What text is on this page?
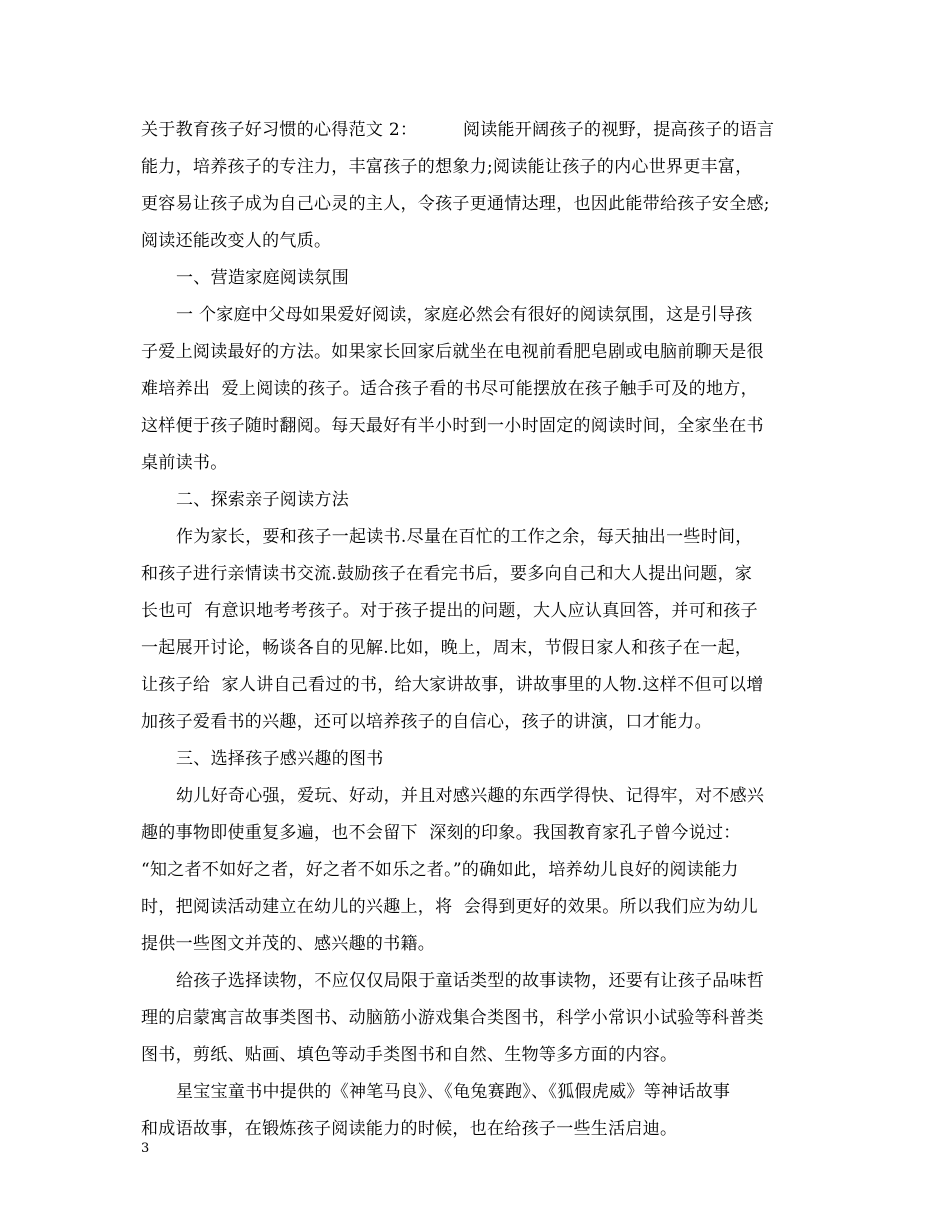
关于教育孩子好习惯的心得范文 2：        阅读能开阔孩子的视野，提高孩子的语言
能力，培养孩子的专注力，丰富孩子的想象力;阅读能让孩子的内心世界更丰富，
更容易让孩子成为自己心灵的主人，令孩子更通情达理，也因此能带给孩子安全感;
阅读还能改变人的气质。
一、营造家庭阅读氛围
一 个家庭中父母如果爱好阅读，家庭必然会有很好的阅读氛围，这是引导孩
子爱上阅读最好的方法。如果家长回家后就坐在电视前看肥皂剧或电脑前聊天是很
难培养出  爱上阅读的孩子。适合孩子看的书尽可能摆放在孩子触手可及的地方，
这样便于孩子随时翻阅。每天最好有半小时到一小时固定的阅读时间，全家坐在书
桌前读书。
二、探索亲子阅读方法
作为家长，要和孩子一起读书.尽量在百忙的工作之余，每天抽出一些时间，
和孩子进行亲情读书交流.鼓励孩子在看完书后，要多向自己和大人提出问题，家
长也可  有意识地考考孩子。对于孩子提出的问题，大人应认真回答，并可和孩子
一起展开讨论，畅谈各自的见解.比如，晚上，周末，节假日家人和孩子在一起，
让孩子给  家人讲自己看过的书，给大家讲故事，讲故事里的人物.这样不但可以增
加孩子爱看书的兴趣，还可以培养孩子的自信心，孩子的讲演，口才能力。
三、选择孩子感兴趣的图书
幼儿好奇心强，爱玩、好动，并且对感兴趣的东西学得快、记得牢，对不感兴
趣的事物即使重复多遍，也不会留下  深刻的印象。我国教育家孔子曾今说过：
“知之者不如好之者，好之者不如乐之者。”的确如此，培养幼儿良好的阅读能力
时，把阅读活动建立在幼儿的兴趣上，将  会得到更好的效果。所以我们应为幼儿
提供一些图文并茂的、感兴趣的书籍。
给孩子选择读物，不应仅仅局限于童话类型的故事读物，还要有让孩子品味哲
理的启蒙寓言故事类图书、动脑筋小游戏集合类图书，科学小常识小试验等科普类
图书，剪纸、贴画、填色等动手类图书和自然、生物等多方面的内容。
星宝宝童书中提供的《神笔马良》、《龟兔赛跑》、《狐假虎威》等神话故事
和成语故事，在锻炼孩子阅读能力的时候，也在给孩子一些生活启迪。
3
